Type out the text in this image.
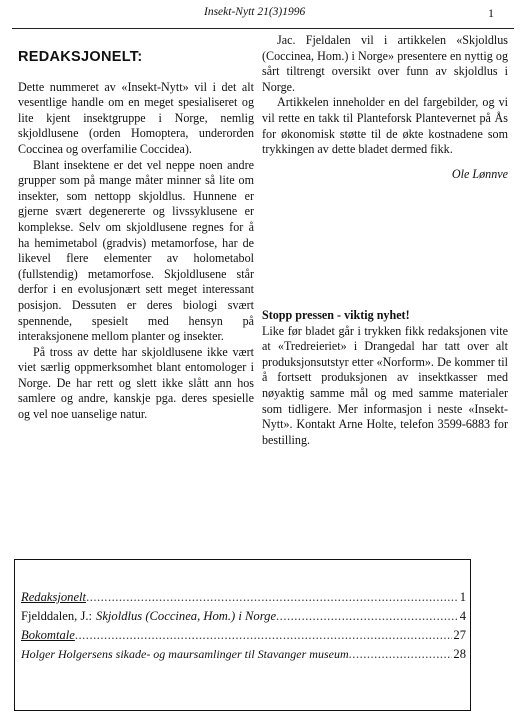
Insekt-Nytt 21(3)1996	1
REDAKSJONELT:

Dette nummeret av «Insekt-Nytt» vil i det alt vesentlige handle om en meget spesialiseret og lite kjent insektgruppe i Norge, nemlig skjoldlusene (orden Homoptera, underorden Coccinea og overfamilie Coccidea).

Blant insektene er det vel neppe noen andre grupper som på mange måter minner så lite om insekter, som nettopp skjoldlus. Hunnene er gjerne svært degenererte og livssyklusene er komplekse. Selv om skjoldlusene regnes for å ha hemimetabol (gradvis) metamorfose, har de likevel flere elementer av holometabol (fullstendig) metamorfose. Skjoldlusene står derfor i en evolusjonært sett meget interessant posisjon. Dessuten er deres biologi svært spennende, spesielt med hensyn på interaksjonene mellom planter og insekter.

På tross av dette har skjoldlusene ikke vært viet særlig oppmerksomhet blant entomologer i Norge. De har rett og slett ikke slått ann hos samlere og andre, kanskje pga. deres spesielle og vel noe uanselige natur.

Jac. Fjeldalen vil i artikkelen «Skjoldlus (Coccinea, Hom.) i Norge» presentere en nyttig og sårt tiltrengt oversikt over funn av skjoldlus i Norge.

Artikkelen inneholder en del fargebilder, og vi vil rette en takk til Planteforsk Plantevernet på Ås for økonomisk støtte til de økte kostnadene som trykkingen av dette bladet dermed fikk.

Ole Lønnve
Stopp pressen - viktig nyhet!

Like før bladet går i trykken fikk redaksjonen vite at «Tredreieriet» i Drangedal har tatt over alt produksjonsutstyr etter «Norform». De kommer til å fortsett produksjonen av insektkasser med nøyaktig samme mål og med samme materialer som tidligere. Mer informasjon i neste «Insekt-Nytt». Kontakt Arne Holte, telefon 3599-6883 for bestilling.

Redaksjonelt .....	1
Fjelddalen, J.: Skjoldlus (Coccinea, Hom.) i Norge .....	4
Bokomtale .....	27
Holger Holgersens sikade- og maursamlinger til Stavanger museum .....	28
